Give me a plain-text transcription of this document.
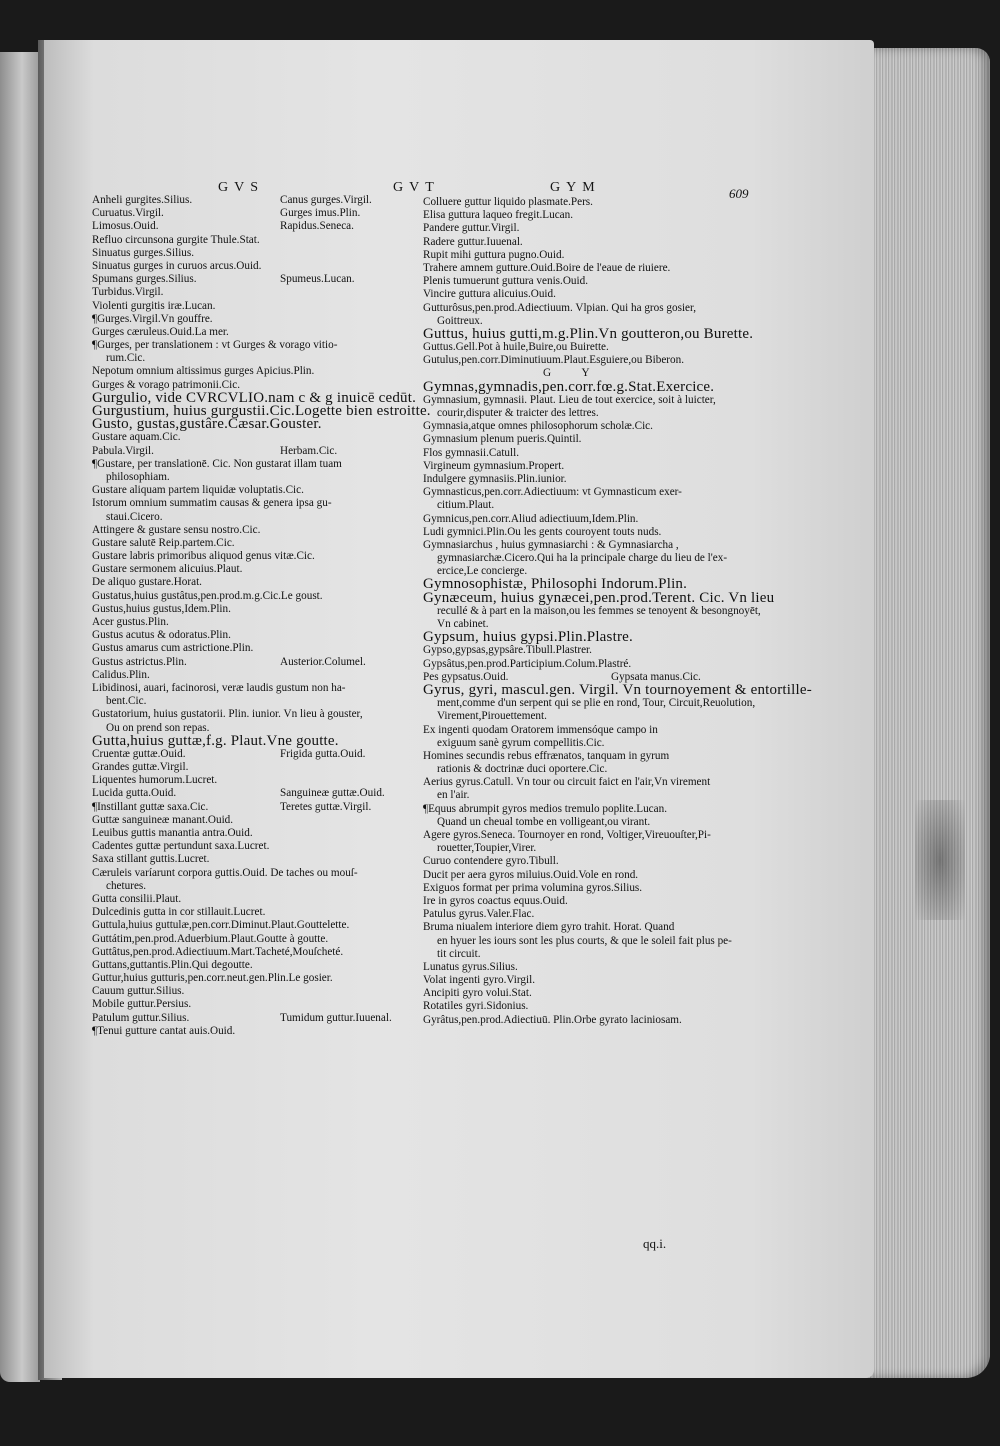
GVS	GVT	GYM	609
Anheli gurgites.Silius.	Canus gurges.Virgil.
Curuatus.Virgil.	Gurges imus.Plin.
Limosus.Ouid.	Rapidus.Seneca.
Refluo circunsona gurgite Thule.Stat.
Sinuatus gurges.Silius.
Sinuatus gurges in curuos arcus.Ouid.
Spumans gurges.Silius.	Spumeus.Lucan.
Turbidus.Virgil.
Violenti gurgitis iræ.Lucan.
¶Gurges.Virgil.Vn gouffre.
Gurges cæruleus.Ouid.La mer.
¶Gurges, per translationem : vt Gurges & vorago vitio-
rum.Cic.
Nepotum omnium altissimus gurges Apicius.Plin.
Gurges & vorago patrimonii.Cic.
Gurgulio, vide CVRCVLIO.nam c & g inuicē cedūt.
Gurgustium, huius gurgustii.Cic.Logette bien estroitte.
Gusto, gustas,gustâre.Cæsar.Gouster.
Gustare aquam.Cic.
Pabula.Virgil.	Herbam.Cic.
¶Gustare, per translationē. Cic. Non gustarat illam tuam
philosophiam.
Gustare aliquam partem liquidæ voluptatis.Cic.
Istorum omnium summatim causas & genera ipsa gu-
staui.Cicero.
Attingere & gustare sensu nostro.Cic.
Gustare salutē Reip.partem.Cic.
Gustare labris primoribus aliquod genus vitæ.Cic.
Gustare sermonem alicuius.Plaut.
De aliquo gustare.Horat.
Gustatus,huius gustâtus,pen.prod.m.g.Cic.Le goust.
Gustus,huius gustus,Idem.Plin.
Acer gustus.Plin.
Gustus acutus & odoratus.Plin.
Gustus amarus cum astrictione.Plin.
Gustus astrictus.Plin.	Austerior.Columel.
Calidus.Plin.
Libidinosi, auari, facinorosi, veræ laudis gustum non ha-
bent.Cic.
Gustatorium, huius gustatorii. Plin. iunior. Vn lieu à gouster,
Ou on prend son repas.
Gutta,huius guttæ,f.g. Plaut.Vne goutte.
Cruentæ guttæ.Ouid.	Frigida gutta.Ouid.
Grandes guttæ.Virgil.
Liquentes humorum.Lucret.
Lucida gutta.Ouid.	Sanguineæ guttæ.Ouid.
¶Instillant guttæ saxa.Cic.	Teretes guttæ.Virgil.
Guttæ sanguineæ manant.Ouid.
Leuibus guttis manantia antra.Ouid.
Cadentes guttæ pertundunt saxa.Lucret.
Saxa stillant guttis.Lucret.
Cæruleis varíarunt corpora guttis.Ouid. De taches ou mouſ-
chetures.
Gutta consilii.Plaut.
Dulcedinis gutta in cor stillauit.Lucret.
Guttula,huius guttulæ,pen.corr.Diminut.Plaut.Gouttelette.
Guttátim,pen.prod.Aduerbium.Plaut.Goutte à goutte.
Guttâtus,pen.prod.Adiectiuum.Mart.Tacheté,Mouſcheté.
Guttans,guttantis.Plin.Qui degoutte.
Guttur,huius gutturis,pen.corr.neut.gen.Plin.Le gosier.
Cauum guttur.Silius.
Mobile guttur.Persius.
Patulum guttur.Silius.	Tumidum guttur.Iuuenal.
¶Tenui gutture cantat auis.Ouid.
Colluere guttur liquido plasmate.Pers.
Elisa guttura laqueo fregit.Lucan.
Pandere guttur.Virgil.
Radere guttur.Iuuenal.
Rupit mihi guttura pugno.Ouid.
Trahere amnem gutture.Ouid.Boire de l'eaue de riuiere.
Plenis tumuerunt guttura venis.Ouid.
Vincire guttura alicuius.Ouid.
Gutturôsus,pen.prod.Adiectiuum. Vlpian. Qui ha gros gosier,
Goittreux.
Guttus, huius gutti,m.g.Plin.Vn goutteron,ou Burette.
Guttus.Gell.Pot à huile,Buire,ou Buirette.
Gutulus,pen.corr.Diminutiuum.Plaut.Esguiere,ou Biberon.
G Y
Gymnas,gymnadis,pen.corr.fœ.g.Stat.Exercice.
Gymnasium, gymnasii. Plaut. Lieu de tout exercice, soit à luicter,
courir,disputer & traicter des lettres.
Gymnasia,atque omnes philosophorum scholæ.Cic.
Gymnasium plenum pueris.Quintil.
Flos gymnasii.Catull.
Virgineum gymnasium.Propert.
Indulgere gymnasiis.Plin.iunior.
Gymnasticus,pen.corr.Adiectiuum: vt Gymnasticum exer-
citium.Plaut.
Gymnicus,pen.corr.Aliud adiectiuum,Idem.Plin.
Ludi gymnici.Plin.Ou les gents couroyent touts nuds.
Gymnasiarchus , huius gymnasiarchi : & Gymnasiarcha ,
gymnasiarchæ.Cicero.Qui ha la principale charge du lieu de l'ex-
ercice,Le concierge.
Gymnosophistæ, Philosophi Indorum.Plin.
Gynæceum, huius gynæcei,pen.prod.Terent. Cic. Vn lieu
recullé & à part en la maison,ou les femmes se tenoyent & besongnoyēt,
Vn cabinet.
Gypsum, huius gypsi.Plin.Plastre.
Gypso,gypsas,gypsâre.Tibull.Plastrer.
Gypsâtus,pen.prod.Participium.Colum.Plastré.
Pes gypsatus.Ouid.	Gypsata manus.Cic.
Gyrus, gyri, mascul.gen. Virgil. Vn tournoyement & entortille-
ment,comme d'un serpent qui se plie en rond, Tour, Circuit,Reuolution,
Virement,Pirouettement.
Ex ingenti quodam Oratorem immensóque campo in
exiguum sanè gyrum compellitis.Cic.
Homines secundis rebus effrænatos, tanquam in gyrum
rationis & doctrinæ duci oportere.Cic.
Aerius gyrus.Catull. Vn tour ou circuit faict en l'air,Vn virement
en l'air.
¶Equus abrumpit gyros medios tremulo poplite.Lucan.
Quand un cheual tombe en volligeant,ou virant.
Agere gyros.Seneca. Tournoyer en rond, Voltiger,Vireuouſter,Pi-
rouetter,Toupier,Virer.
Curuo contendere gyro.Tibull.
Ducit per aera gyros miluius.Ouid.Vole en rond.
Exiguos format per prima volumina gyros.Silius.
Ire in gyros coactus equus.Ouid.
Patulus gyrus.Valer.Flac.
Bruma niualem interiore diem gyro trahit. Horat. Quand
en hyuer les iours sont les plus courts, & que le soleil fait plus pe-
tit circuit.
Lunatus gyrus.Silius.
Volat ingenti gyro.Virgil.
Ancipiti gyro volui.Stat.
Rotatiles gyri.Sidonius.
Gyrâtus,pen.prod.Adiectiuū. Plin.Orbe gyrato laciniosam.
qq.i.
